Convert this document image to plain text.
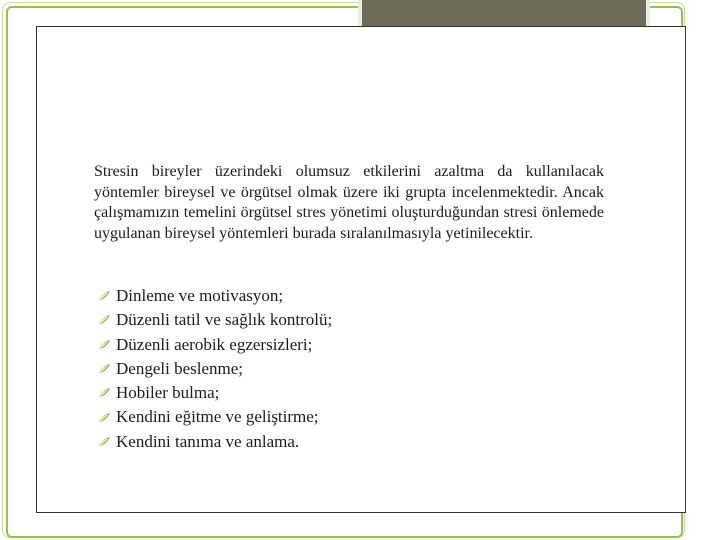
Stresin bireyler üzerindeki olumsuz etkilerini azaltma da kullanılacak yöntemler bireysel ve örgütsel olmak üzere iki grupta incelenmektedir. Ancak çalışmamızın temelini örgütsel stres yönetimi oluşturduğundan stresi önlemede uygulanan bireysel yöntemleri burada sıralanılmasıyla yetinilecektir.

Dinleme ve motivasyon;
Düzenli tatil ve sağlık kontrolü;
Düzenli aerobik egzersizleri;
Dengeli beslenme;
Hobiler bulma;
Kendini eğitme ve geliştirme;
Kendini tanıma ve anlama.
